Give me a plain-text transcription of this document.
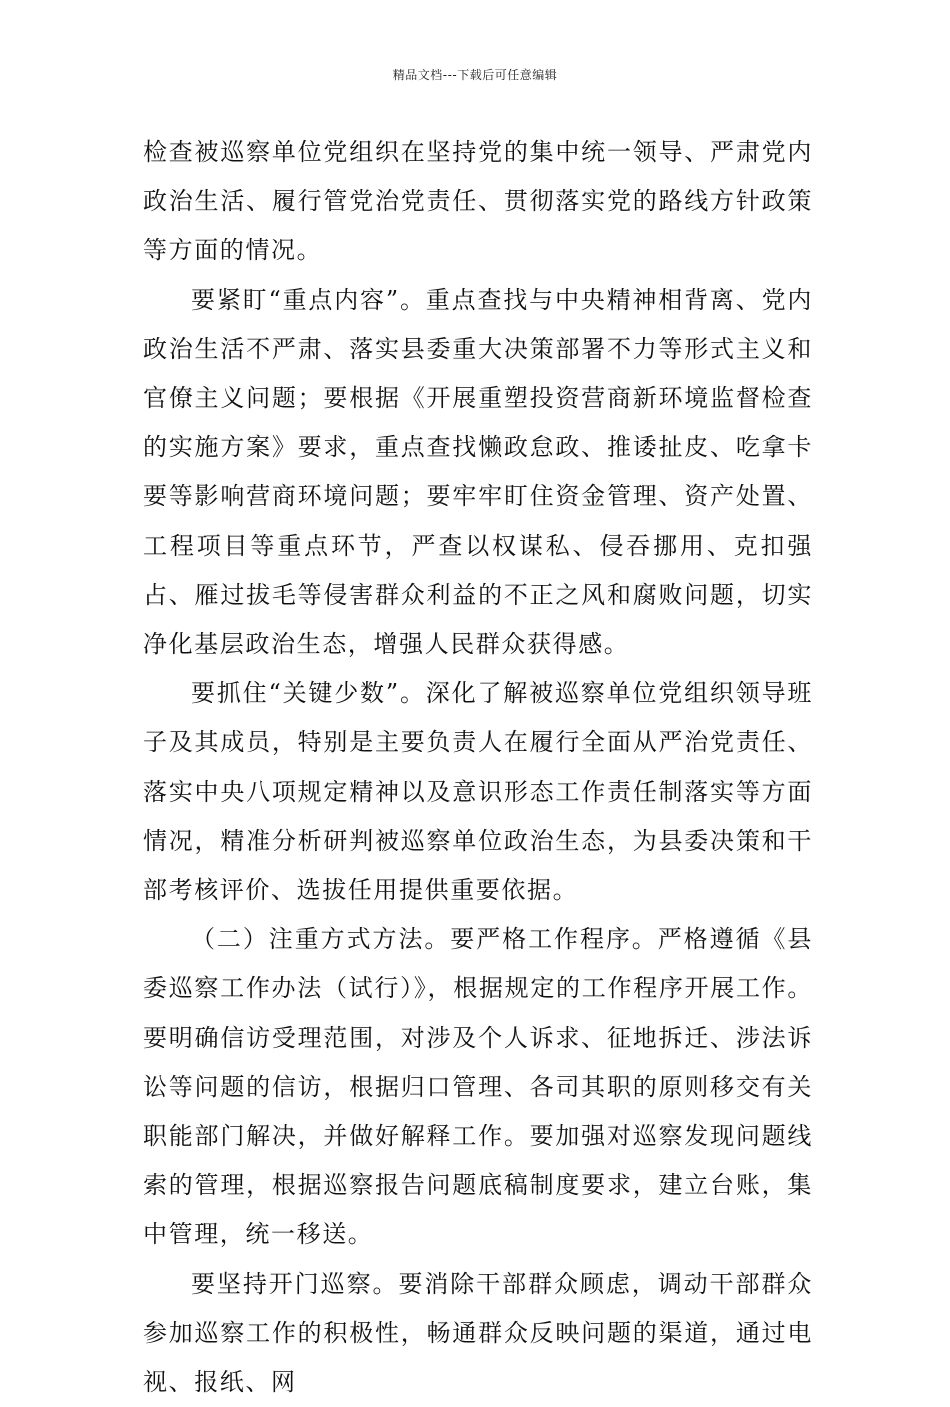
精品文档---下载后可任意编辑

检查被巡察单位党组织在坚持党的集中统一领导、严肃党内政治生活、履行管党治党责任、贯彻落实党的路线方针政策等方面的情况。

要紧盯“重点内容”。重点查找与中央精神相背离、党内政治生活不严肃、落实县委重大决策部署不力等形式主义和官僚主义问题；要根据《开展重塑投资营商新环境监督检查的实施方案》要求，重点查找懒政怠政、推诿扯皮、吃拿卡要等影响营商环境问题；要牢牢盯住资金管理、资产处置、工程项目等重点环节，严查以权谋私、侵吞挪用、克扣强占、雁过拔毛等侵害群众利益的不正之风和腐败问题，切实净化基层政治生态，增强人民群众获得感。

要抓住“关键少数”。深化了解被巡察单位党组织领导班子及其成员，特别是主要负责人在履行全面从严治党责任、落实中央八项规定精神以及意识形态工作责任制落实等方面情况，精准分析研判被巡察单位政治生态，为县委决策和干部考核评价、选拔任用提供重要依据。

（二）注重方式方法。要严格工作程序。严格遵循《县委巡察工作办法（试行）》，根据规定的工作程序开展工作。要明确信访受理范围，对涉及个人诉求、征地拆迁、涉法诉讼等问题的信访，根据归口管理、各司其职的原则移交有关职能部门解决，并做好解释工作。要加强对巡察发现问题线索的管理，根据巡察报告问题底稿制度要求，建立台账，集中管理，统一移送。

要坚持开门巡察。要消除干部群众顾虑，调动干部群众参加巡察工作的积极性，畅通群众反映问题的渠道，通过电视、报纸、网
